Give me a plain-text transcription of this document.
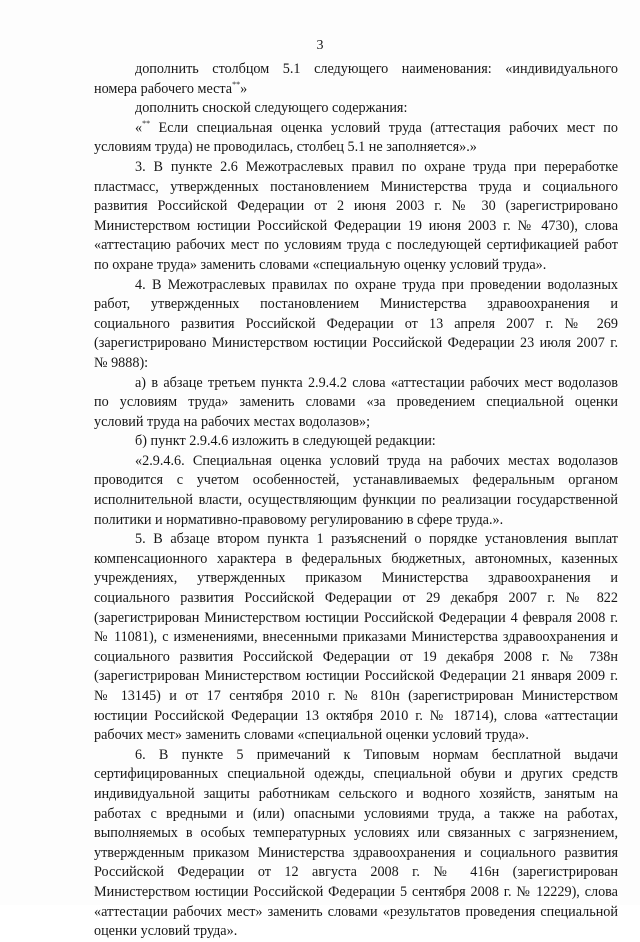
3
дополнить столбцом 5.1 следующего наименования: «индивидуального
номера рабочего места**»
дополнить сноской следующего содержания:
«** Если специальная оценка условий труда (аттестация рабочих мест по
условиям труда) не проводилась, столбец 5.1 не заполняется».»
3. В пункте 2.6 Межотраслевых правил по охране труда при переработке
пластмасс, утвержденных постановлением Министерства труда и социального
развития Российской Федерации от 2 июня 2003 г. № 30 (зарегистрировано
Министерством юстиции Российской Федерации 19 июня 2003 г. № 4730), слова
«аттестацию рабочих мест по условиям труда с последующей сертификацией работ
по охране труда» заменить словами «специальную оценку условий труда».
4. В Межотраслевых правилах по охране труда при проведении водолазных
работ, утвержденных постановлением Министерства здравоохранения и
социального развития Российской Федерации от 13 апреля 2007 г. № 269
(зарегистрировано Министерством юстиции Российской Федерации 23 июля 2007 г.
№ 9888):
а) в абзаце третьем пункта 2.9.4.2 слова «аттестации рабочих мест водолазов
по условиям труда» заменить словами «за проведением специальной оценки
условий труда на рабочих местах водолазов»;
б) пункт 2.9.4.6 изложить в следующей редакции:
«2.9.4.6. Специальная оценка условий труда на рабочих местах водолазов
проводится с учетом особенностей, устанавливаемых федеральным органом
исполнительной власти, осуществляющим функции по реализации государственной
политики и нормативно-правовому регулированию в сфере труда.».
5. В абзаце втором пункта 1 разъяснений о порядке установления выплат
компенсационного характера в федеральных бюджетных, автономных, казенных
учреждениях, утвержденных приказом Министерства здравоохранения и
социального развития Российской Федерации от 29 декабря 2007 г. № 822
(зарегистрирован Министерством юстиции Российской Федерации 4 февраля 2008 г.
№ 11081), с изменениями, внесенными приказами Министерства здравоохранения и
социального развития Российской Федерации от 19 декабря 2008 г. № 738н
(зарегистрирован Министерством юстиции Российской Федерации 21 января 2009 г.
№ 13145) и от 17 сентября 2010 г. № 810н (зарегистрирован Министерством
юстиции Российской Федерации 13 октября 2010 г. № 18714), слова «аттестации
рабочих мест» заменить словами «специальной оценки условий труда».
6. В пункте 5 примечаний к Типовым нормам бесплатной выдачи
сертифицированных специальной одежды, специальной обуви и других средств
индивидуальной защиты работникам сельского и водного хозяйств, занятым на
работах с вредными и (или) опасными условиями труда, а также на работах,
выполняемых в особых температурных условиях или связанных с загрязнением,
утвержденным приказом Министерства здравоохранения и социального развития
Российской Федерации от 12 августа 2008 г. № 416н (зарегистрирован
Министерством юстиции Российской Федерации 5 сентября 2008 г. № 12229), слова
«аттестации рабочих мест» заменить словами «результатов проведения специальной
оценки условий труда».
